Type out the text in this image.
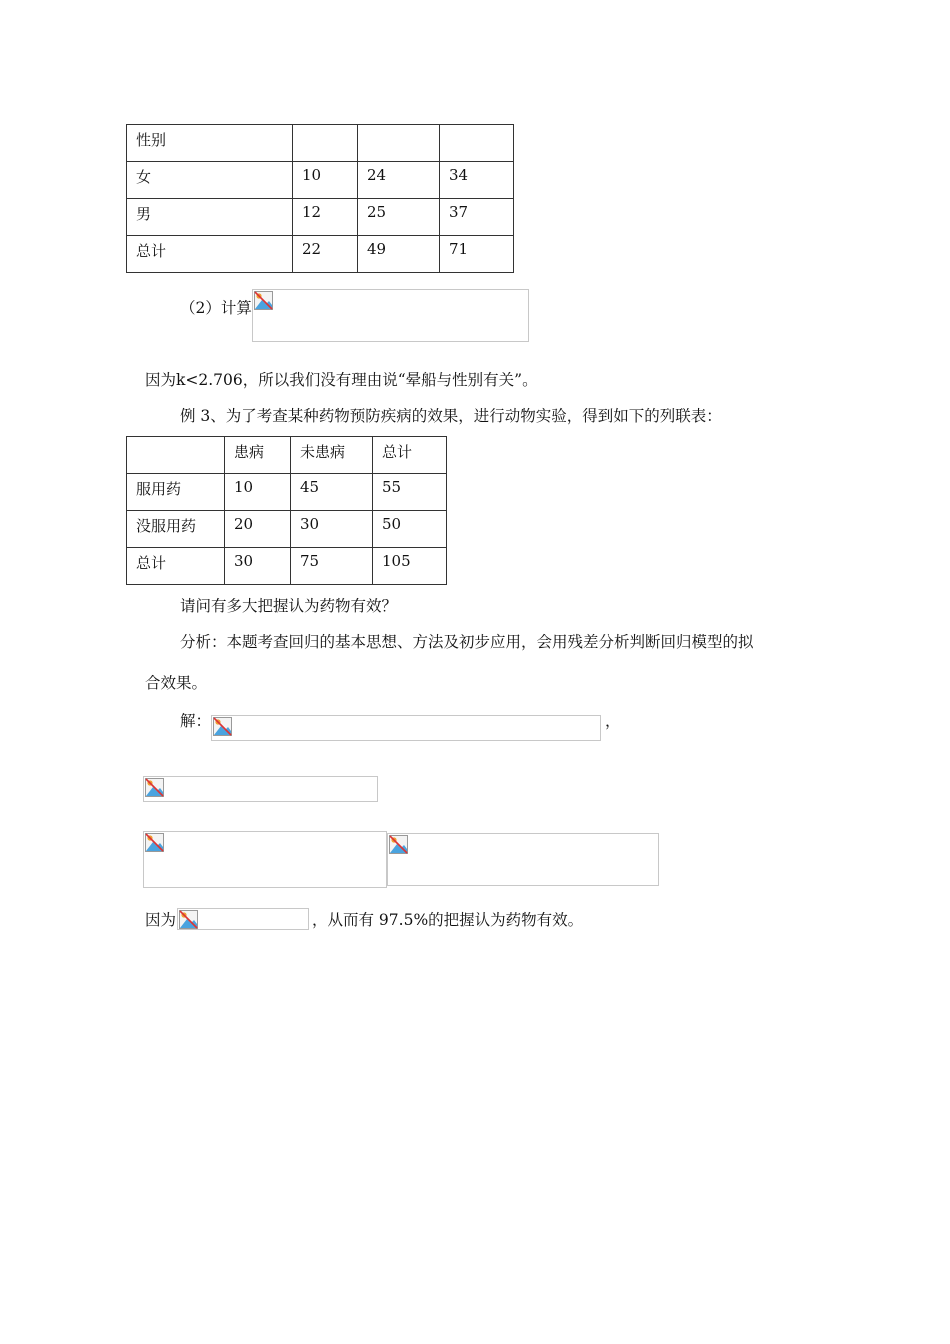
性别			
女	10	24	34
男	12	25	37
总计	22	49	71
（2）计算
因为k<2.706，所以我们没有理由说“晕船与性别有关”。
例 3、为了考查某种药物预防疾病的效果，进行动物实验，得到如下的列联表：
	患病	未患病	总计
服用药	10	45	55
没服用药	20	30	50
总计	30	75	105
请问有多大把握认为药物有效？
分析：本题考查回归的基本思想、方法及初步应用，会用残差分析判断回归模型的拟
合效果。
解：	，
因为	，从而有 97.5%的把握认为药物有效。
